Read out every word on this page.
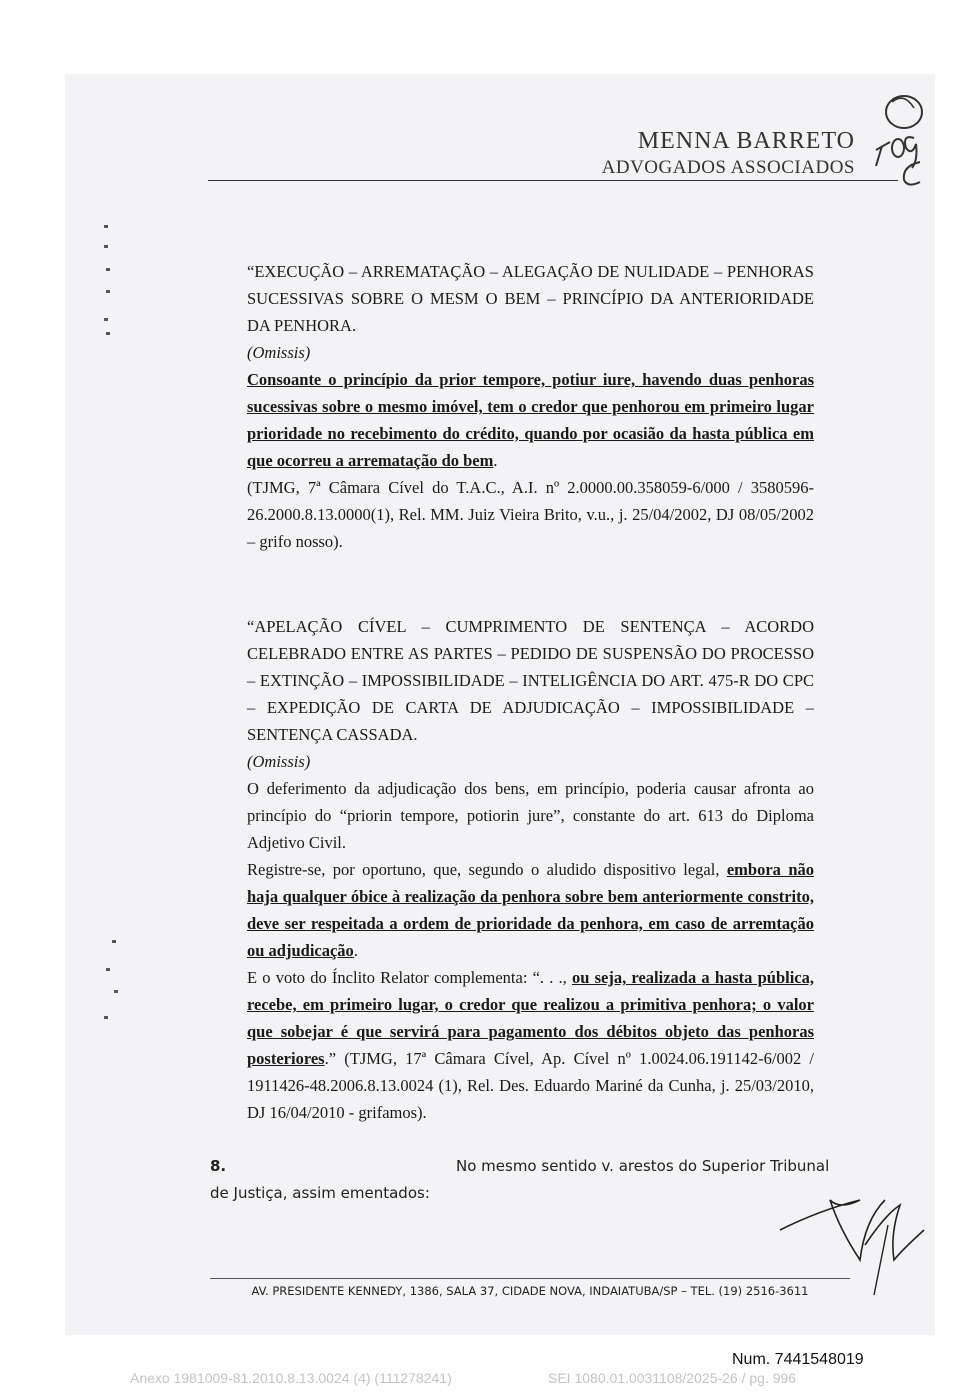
MENNA BARRETO
ADVOGADOS ASSOCIADOS

“EXECUÇÃO – ARREMATAÇÃO – ALEGAÇÃO DE NULIDADE – PENHORAS SUCESSIVAS SOBRE O MESM O BEM – PRINCÍPIO DA ANTERIORIDADE DA PENHORA.

(Omissis)

Consoante o princípio da prior tempore, potiur iure, havendo duas penhoras sucessivas sobre o mesmo imóvel, tem o credor que penhorou em primeiro lugar prioridade no recebimento do crédito, quando por ocasião da hasta pública em que ocorreu a arrematação do bem.

(TJMG, 7ª Câmara Cível do T.A.C., A.I. nº 2.0000.00.358059-6/000 / 3580596-26.2000.8.13.0000(1), Rel. MM. Juiz Vieira Brito, v.u., j. 25/04/2002, DJ 08/05/2002 – grifo nosso).

“APELAÇÃO CÍVEL – CUMPRIMENTO DE SENTENÇA – ACORDO CELEBRADO ENTRE AS PARTES – PEDIDO DE SUSPENSÃO DO PROCESSO – EXTINÇÃO – IMPOSSIBILIDADE – INTELIGÊNCIA DO ART. 475-R DO CPC – EXPEDIÇÃO DE CARTA DE ADJUDICAÇÃO – IMPOSSIBILIDADE – SENTENÇA CASSADA.

(Omissis)

O deferimento da adjudicação dos bens, em princípio, poderia causar afronta ao princípio do “priorin tempore, potiorin jure”, constante do art. 613 do Diploma Adjetivo Civil.

Registre-se, por oportuno, que, segundo o aludido dispositivo legal, embora não haja qualquer óbice à realização da penhora sobre bem anteriormente constrito, deve ser respeitada a ordem de prioridade da penhora, em caso de arremtação ou adjudicação.

E o voto do Ínclito Relator complementa: “. . ., ou seja, realizada a hasta pública, recebe, em primeiro lugar, o credor que realizou a primitiva penhora; o valor que sobejar é que servirá para pagamento dos débitos objeto das penhoras posteriores.” (TJMG, 17ª Câmara Cível, Ap. Cível nº 1.0024.06.191142-6/002 / 1911426-48.2006.8.13.0024 (1), Rel. Des. Eduardo Mariné da Cunha, j. 25/03/2010, DJ 16/04/2010 - grifamos).

8.	No mesmo sentido v. arestos do Superior Tribunal
de Justiça, assim ementados:
AV. PRESIDENTE KENNEDY, 1386, SALA 37, CIDADE NOVA, INDAIATUBA/SP – TEL. (19) 2516-3611
Num. 7441548019
Anexo 1981009-81.2010.8.13.0024 (4) (111278241)	SEI 1080.01.0031108/2025-26 / pg. 996
